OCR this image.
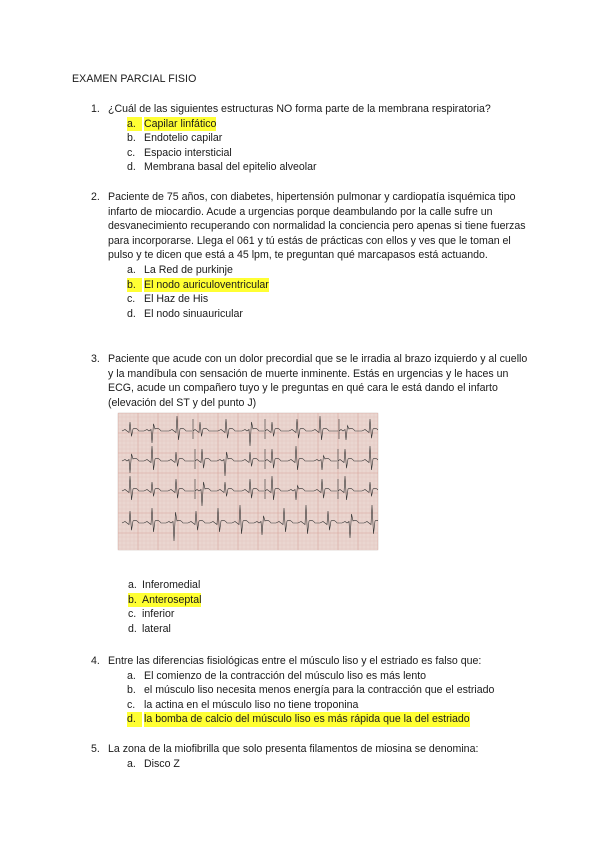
EXAMEN PARCIAL FISIO
1. ¿Cuál de las siguientes estructuras NO forma parte de la membrana respiratoria?
a. Capilar linfático
b. Endotelio capilar
c. Espacio intersticial
d. Membrana basal del epitelio alveolar
2. Paciente de 75 años, con diabetes, hipertensión pulmonar y cardiopatía isquémica tipo infarto de miocardio. Acude a urgencias porque deambulando por la calle sufre un desvanecimiento recuperando con normalidad la conciencia pero apenas si tiene fuerzas para incorporarse. Llega el 061 y tú estás de prácticas con ellos y ves que le toman el pulso y te dicen que está a 45 lpm, te preguntan qué marcapasos está actuando.
a. La Red de purkinje
b. El nodo auriculoventricular
c. El Haz de His
d. El nodo sinuauricular
3. Paciente que acude con un dolor precordial que se le irradia al brazo izquierdo y al cuello y la mandíbula con sensación de muerte inminente. Estás en urgencias y le haces un ECG, acude un compañero tuyo y le preguntas en qué cara le está dando el infarto (elevación del ST y del punto J)
a. Inferomedial
b. Anteroseptal
c. inferior
d. lateral
4. Entre las diferencias fisiológicas entre el músculo liso y el estriado es falso que:
a. El comienzo de la contracción del músculo liso es más lento
b. el músculo liso necesita menos energía para la contracción que el estriado
c. la actina en el músculo liso no tiene troponina
d. la bomba de calcio del músculo liso es más rápida que la del estriado
5. La zona de la miofibrilla que solo presenta filamentos de miosina se denomina:
a. Disco Z
